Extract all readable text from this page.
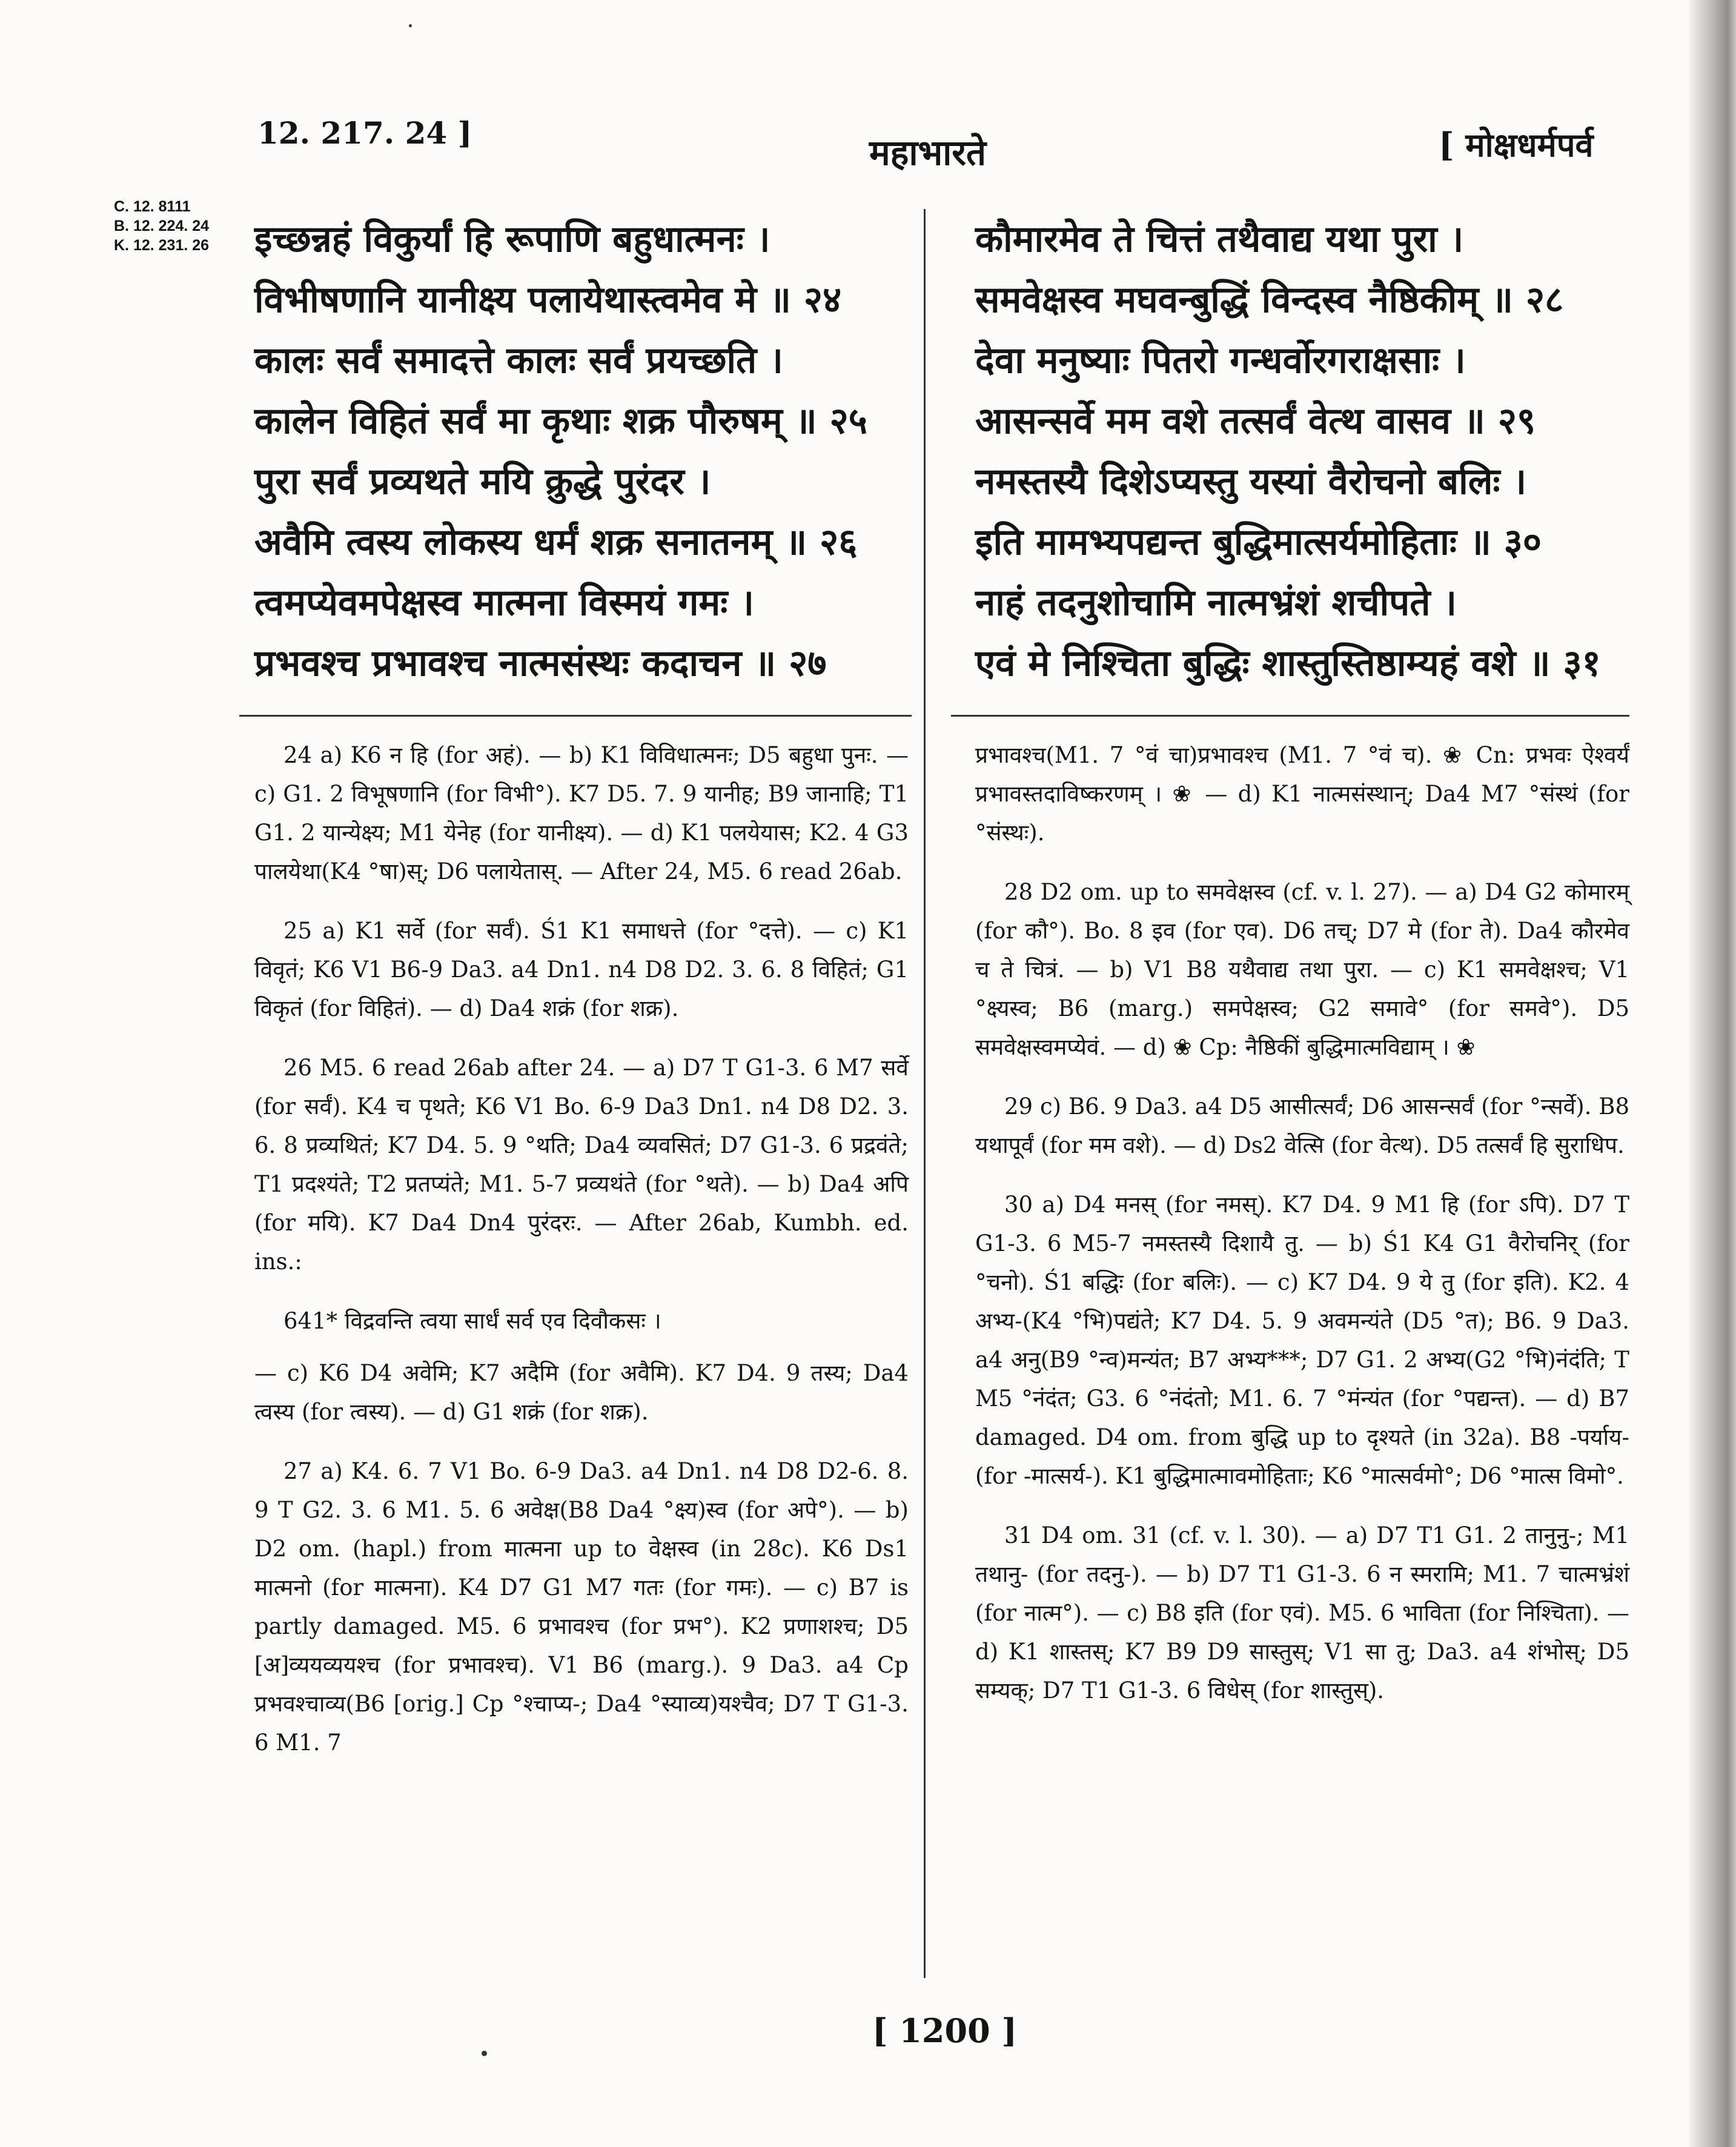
12. 217. 24 ]	महाभारते	[ मोक्षधर्मपर्व
C. 12. 8111
B. 12. 224. 24
K. 12. 231. 26 इच्छन्नहं विकुर्यां हि रूपाणि बहुधात्मनः ।
विभीषणानि यानीक्ष्य पलायेथास्त्वमेव मे ॥ २४
कालः सर्वं समादत्ते कालः सर्वं प्रयच्छति ।
कालेन विहितं सर्वं मा कृथाः शक्र पौरुषम् ॥ २५
पुरा सर्वं प्रव्यथते मयि क्रुद्धे पुरंदर ।
अवैमि त्वस्य लोकस्य धर्मं शक्र सनातनम् ॥ २६
त्वमप्येवमपेक्षस्व मात्मना विस्मयं गमः ।
प्रभवश्च प्रभावश्च नात्मसंस्थः कदाचन ॥ २७
कौमारमेव ते चित्तं तथैवाद्य यथा पुरा ।
समवेक्षस्व मघवन्बुद्धिं विन्दस्व नैष्ठिकीम् ॥ २८
देवा मनुष्याः पितरो गन्धर्वोरगराक्षसाः ।
आसन्सर्वे मम वशे तत्सर्वं वेत्थ वासव ॥ २९
नमस्तस्यै दिशेऽप्यस्तु यस्यां वैरोचनो बलिः ।
इति मामभ्यपद्यन्त बुद्धिमात्सर्यमोहिताः ॥ ३०
नाहं तदनुशोचामि नात्मभ्रंशं शचीपते ।
एवं मे निश्चिता बुद्धिः शास्तुस्तिष्ठाम्यहं वशे ॥ ३१

24 a) K6 न हि (for अहं). — b) K1 विविधात्मनः; D5 बहुधा पुनः. — c) G1. 2 विभूषणानि (for विभी°). K7 D5. 7. 9 यानीह; B9 जानाहि; T1 G1. 2 यान्येक्ष्य; M1 येनेह (for यानीक्ष्य). — d) K1 पलयेयास; K2. 4 G3 पालयेथा(K4 °षा)स्; D6 पलायेतास्. — After 24, M5. 6 read 26ab.

25 a) K1 सर्वे (for सर्वं). Ś1 K1 समाधत्ते (for °दत्ते). — c) K1 विवृतं; K6 V1 B6-9 Da3. a4 Dn1. n4 D8 D2. 3. 6. 8 विहितं; G1 विकृतं (for विहितं). — d) Da4 शक्रं (for शक्र).

26 M5. 6 read 26ab after 24. — a) D7 T G1-3. 6 M7 सर्वे (for सर्वं). K4 च पृथते; K6 V1 Bo. 6-9 Da3 Dn1. n4 D8 D2. 3. 6. 8 प्रव्यथितं; K7 D4. 5. 9 °थति; Da4 व्यवसितं; D7 G1-3. 6 प्रद्रवंते; T1 प्रदश्यंते; T2 प्रतप्यंते; M1. 5-7 प्रव्यथंते (for °थते). — b) Da4 अपि (for मयि). K7 Da4 Dn4 पुरंदरः. — After 26ab, Kumbh. ed. ins.:

641* विद्रवन्ति त्वया सार्धं सर्व एव दिवौकसः ।

— c) K6 D4 अवेमि; K7 अदैमि (for अवैमि). K7 D4. 9 तस्य; Da4 त्वस्य (for त्वस्य). — d) G1 शक्रं (for शक्र).

27 a) K4. 6. 7 V1 Bo. 6-9 Da3. a4 Dn1. n4 D8 D2-6. 8. 9 T G2. 3. 6 M1. 5. 6 अवेक्ष(B8 Da4 °क्ष्य)स्व (for अपे°). — b) D2 om. (hapl.) from मात्मना up to वेक्षस्व (in 28c). K6 Ds1 मात्मनो (for मात्मना). K4 D7 G1 M7 गतः (for गमः). — c) B7 is partly damaged. M5. 6 प्रभावश्च (for प्रभ°). K2 प्रणाशश्च; D5 [अ]व्ययव्ययश्च (for प्रभावश्च). V1 B6 (marg.). 9 Da3. a4 Cp प्रभवश्चाव्य(B6 [orig.] Cp °श्चाप्य-; Da4 °स्याव्य)यश्चैव; D7 T G1-3. 6 M1. 7

प्रभावश्च(M1. 7 °वं चा)प्रभावश्च (M1. 7 °वं च). ❀ Cn: प्रभवः ऐश्वर्यं प्रभावस्तदाविष्करणम् । ❀ — d) K1 नात्मसंस्थान्; Da4 M7 °संस्थं (for °संस्थः).

28 D2 om. up to समवेक्षस्व (cf. v. l. 27). — a) D4 G2 कोमारम् (for कौ°). Bo. 8 इव (for एव). D6 तच्; D7 मे (for ते). Da4 कौरमेव च ते चित्रं. — b) V1 B8 यथैवाद्य तथा पुरा. — c) K1 समवेक्षश्च; V1 °क्ष्यस्व; B6 (marg.) समपेक्षस्व; G2 समावे° (for समवे°). D5 समवेक्षस्वमप्येवं. — d) ❀ Cp: नैष्ठिकीं बुद्धिमात्मविद्याम् । ❀

29 c) B6. 9 Da3. a4 D5 आसीत्सर्वं; D6 आसन्सर्वं (for °न्सर्वे). B8 यथापूर्वं (for मम वशे). — d) Ds2 वेत्सि (for वेत्थ). D5 तत्सर्वं हि सुराधिप.

30 a) D4 मनस् (for नमस्). K7 D4. 9 M1 हि (for ऽपि). D7 T G1-3. 6 M5-7 नमस्तस्यै दिशायै तु. — b) Ś1 K4 G1 वैरोचनिर् (for °चनो). Ś1 बद्धिः (for बलिः). — c) K7 D4. 9 ये तु (for इति). K2. 4 अभ्य-(K4 °भि)पद्यंते; K7 D4. 5. 9 अवमन्यंते (D5 °त); B6. 9 Da3. a4 अनु(B9 °न्व)मन्यंत; B7 अभ्य***; D7 G1. 2 अभ्य(G2 °भि)नंदंति; T M5 °नंदंत; G3. 6 °नंदंतो; M1. 6. 7 °मंन्यंत (for °पद्यन्त). — d) B7 damaged. D4 om. from बुद्धि up to दृश्यते (in 32a). B8 -पर्याय- (for -मात्सर्य-). K1 बुद्धिमात्मावमोहिताः; K6 °मात्सर्वमो°; D6 °मात्स विमो°.

31 D4 om. 31 (cf. v. l. 30). — a) D7 T1 G1. 2 तानुनु-; M1 तथानु- (for तदनु-). — b) D7 T1 G1-3. 6 न स्मरामि; M1. 7 चात्मभ्रंशं (for नात्म°). — c) B8 इति (for एवं). M5. 6 भाविता (for निश्चिता). — d) K1 शास्तस्; K7 B9 D9 सास्तुस्; V1 सा तु; Da3. a4 शंभोस्; D5 सम्यक्; D7 T1 G1-3. 6 विधेस् (for शास्तुस्).

[ 1200 ]
